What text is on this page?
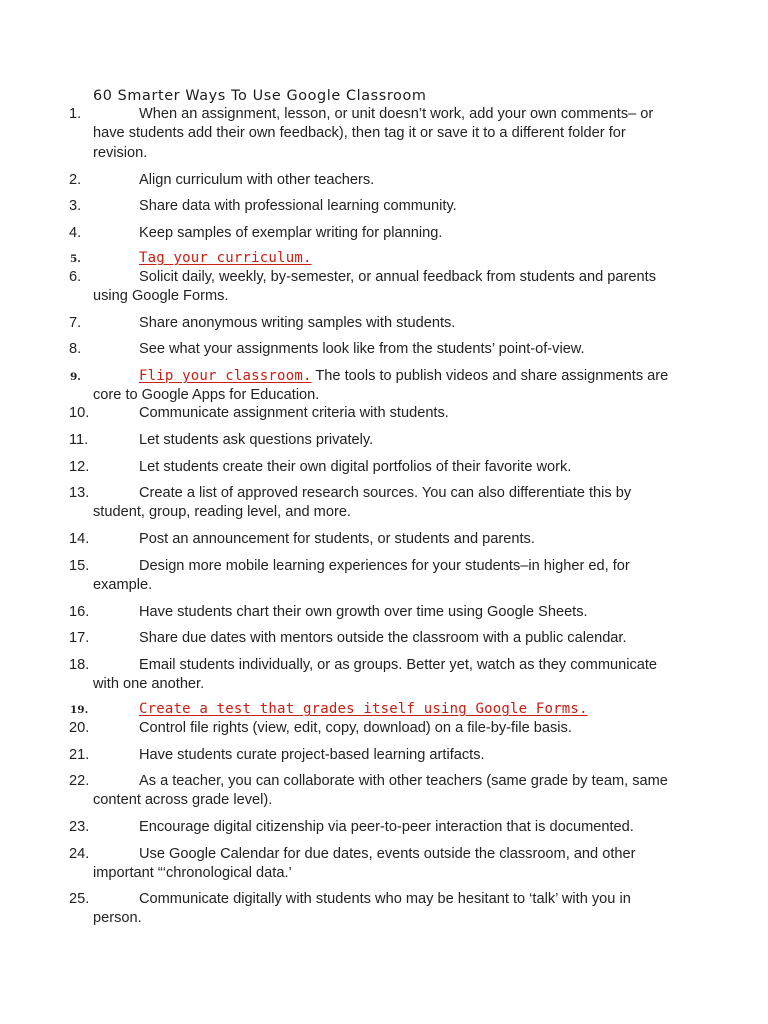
60 Smarter Ways To Use Google Classroom
1.	When an assignment, lesson, or unit doesn’t work, add your own comments– or have students add their own feedback), then tag it or save it to a different folder for revision.
2.	Align curriculum with other teachers.
3.	Share data with professional learning community.
4.	Keep samples of exemplar writing for planning.
5.	Tag your curriculum.
6.	Solicit daily, weekly, by-semester, or annual feedback from students and parents using Google Forms.
7.	Share anonymous writing samples with students.
8.	See what your assignments look like from the students’ point-of-view.
9.	Flip your classroom. The tools to publish videos and share assignments are core to Google Apps for Education.
10.	Communicate assignment criteria with students.
11.	Let students ask questions privately.
12.	Let students create their own digital portfolios of their favorite work.
13.	Create a list of approved research sources. You can also differentiate this by student, group, reading level, and more.
14.	Post an announcement for students, or students and parents.
15.	Design more mobile learning experiences for your students–in higher ed, for example.
16.	Have students chart their own growth over time using Google Sheets.
17.	Share due dates with mentors outside the classroom with a public calendar.
18.	Email students individually, or as groups. Better yet, watch as they communicate with one another.
19.	Create a test that grades itself using Google Forms.
20.	Control file rights (view, edit, copy, download) on a file-by-file basis.
21.	Have students curate project-based learning artifacts.
22.	As a teacher, you can collaborate with other teachers (same grade by team, same content across grade level).
23.	Encourage digital citizenship via peer-to-peer interaction that is documented.
24.	Use Google Calendar for due dates, events outside the classroom, and other important “‘chronological data.’
25.	Communicate digitally with students who may be hesitant to ‘talk’ with you in person.
